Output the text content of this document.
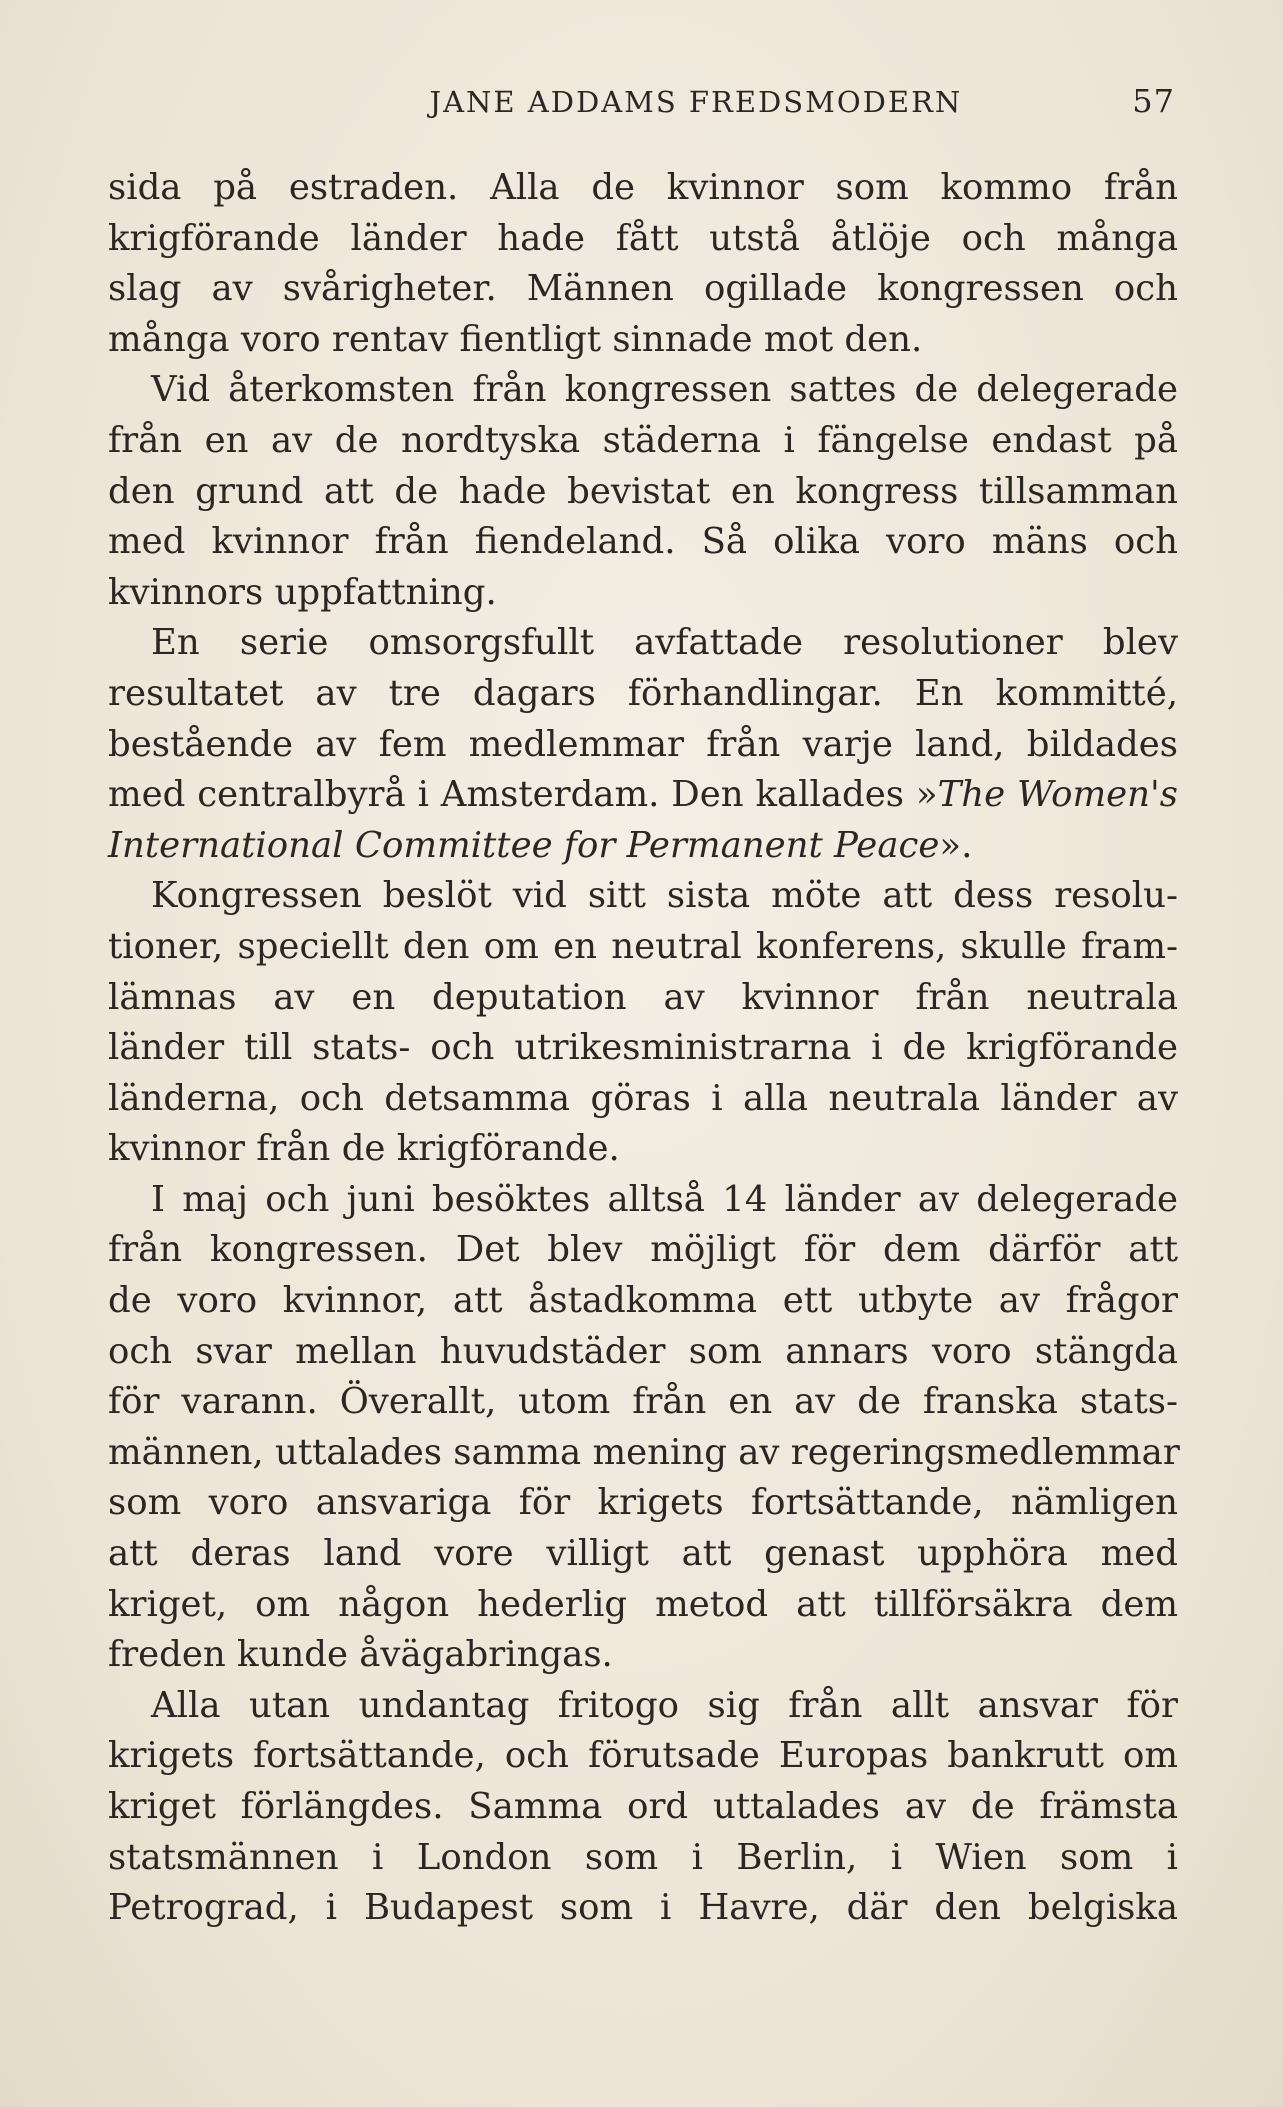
JANE ADDAMS FREDSMODERN	57

sida på estraden. Alla de kvinnor som kommo från
krigförande länder hade fått utstå åtlöje och många
slag av svårigheter. Männen ogillade kongressen och
många voro rentav fientligt sinnade mot den.

Vid återkomsten från kongressen sattes de delegerade
från en av de nordtyska städerna i fängelse endast på
den grund att de hade bevistat en kongress tillsamman
med kvinnor från fiendeland. Så olika voro mäns och
kvinnors uppfattning.

En serie omsorgsfullt avfattade resolutioner blev
resultatet av tre dagars förhandlingar. En kommitté,
bestående av fem medlemmar från varje land, bildades
med centralbyrå i Amsterdam. Den kallades »The Women's
International Committee for Permanent Peace».

Kongressen beslöt vid sitt sista möte att dess resolu-
tioner, speciellt den om en neutral konferens, skulle fram-
lämnas av en deputation av kvinnor från neutrala
länder till stats- och utrikesministrarna i de krigförande
länderna, och detsamma göras i alla neutrala länder av
kvinnor från de krigförande.

I maj och juni besöktes alltså 14 länder av delegerade
från kongressen. Det blev möjligt för dem därför att
de voro kvinnor, att åstadkomma ett utbyte av frågor
och svar mellan huvudstäder som annars voro stängda
för varann. Överallt, utom från en av de franska stats-
männen, uttalades samma mening av regeringsmedlemmar
som voro ansvariga för krigets fortsättande, nämligen
att deras land vore villigt att genast upphöra med
kriget, om någon hederlig metod att tillförsäkra dem
freden kunde åvägabringas.

Alla utan undantag fritogo sig från allt ansvar för
krigets fortsättande, och förutsade Europas bankrutt om
kriget förlängdes. Samma ord uttalades av de främsta
statsmännen i London som i Berlin, i Wien som i
Petrograd, i Budapest som i Havre, där den belgiska
